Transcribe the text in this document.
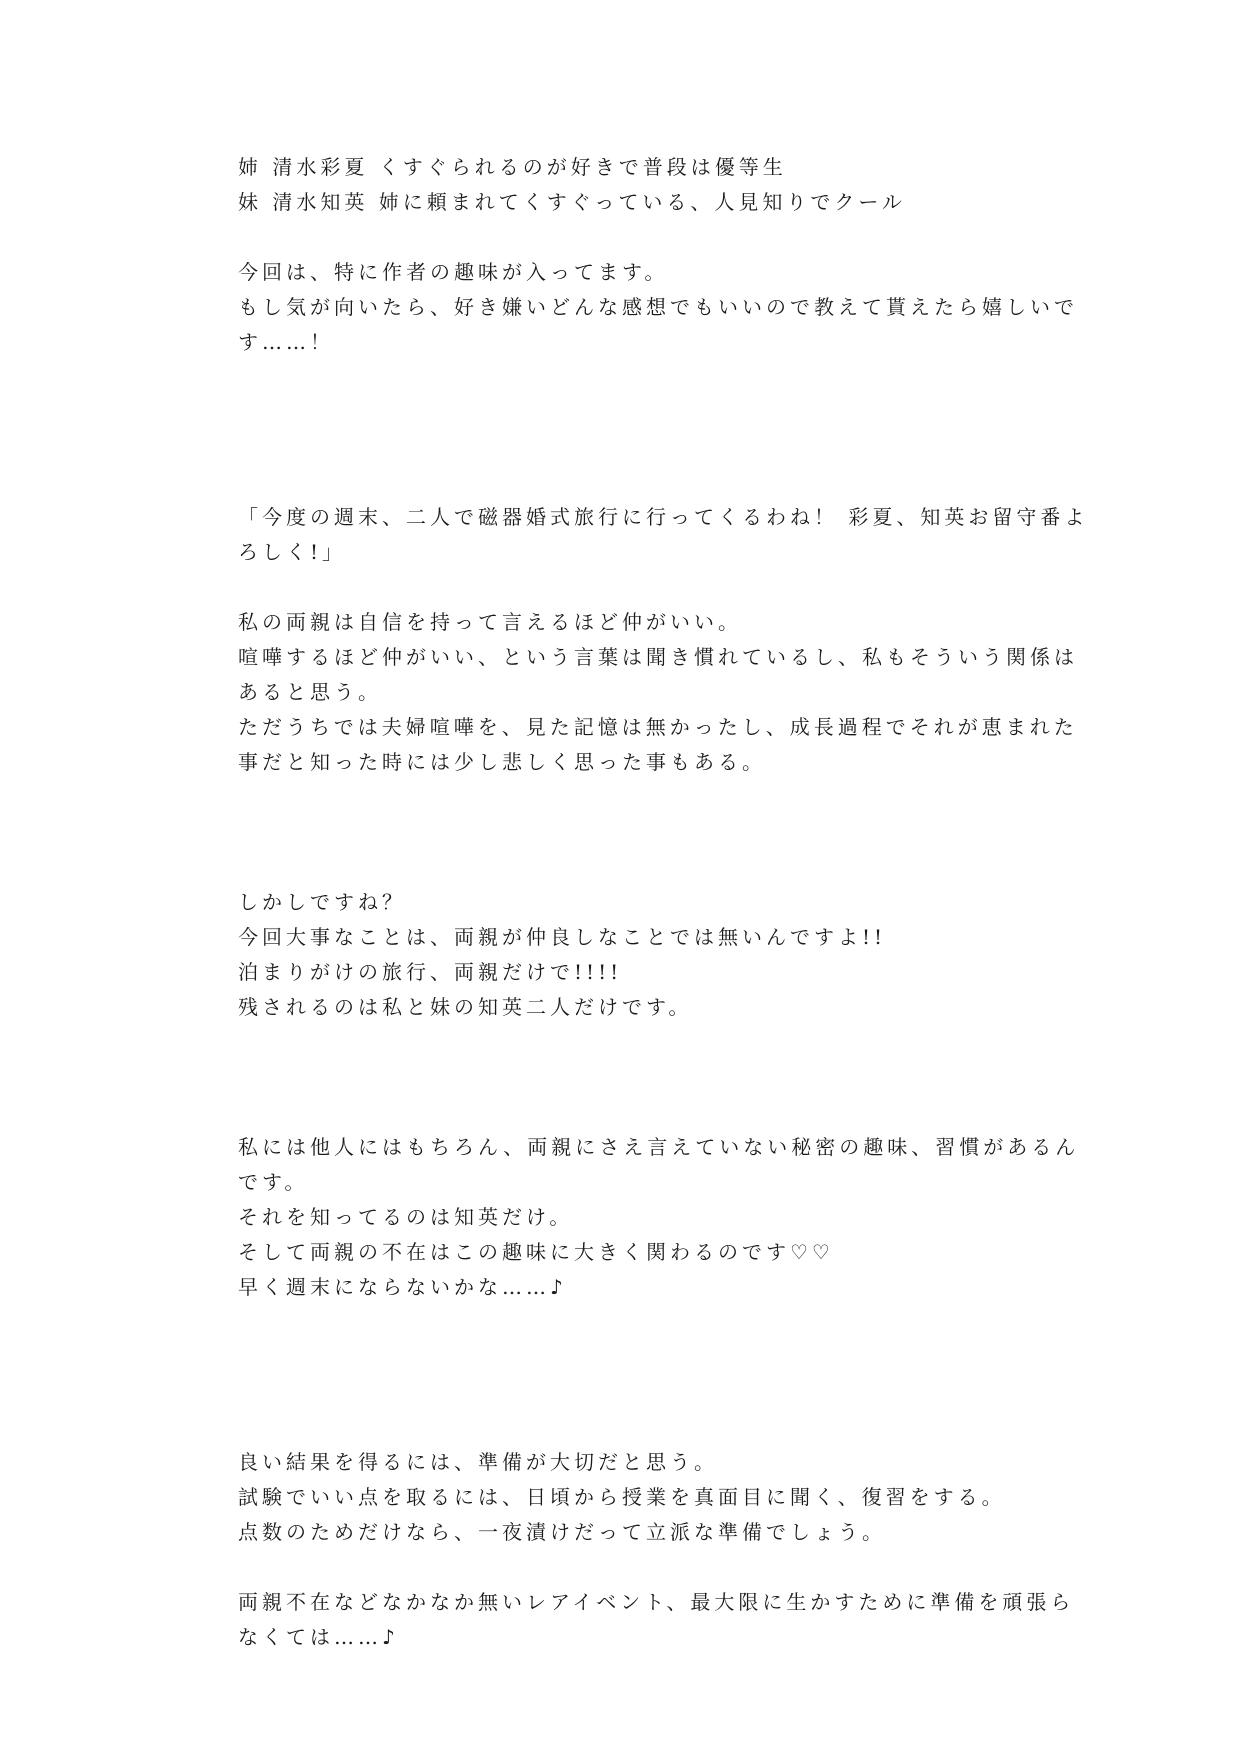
姉 清水彩夏 くすぐられるのが好きで普段は優等生
妹 清水知英 姉に頼まれてくすぐっている、人見知りでクール
今回は、特に作者の趣味が入ってます。
もし気が向いたら、好き嫌いどんな感想でもいいので教えて貰えたら嬉しいで
す……！
「今度の週末、二人で磁器婚式旅行に行ってくるわね！ 彩夏、知英お留守番よ
ろしく!」
私の両親は自信を持って言えるほど仲がいい。
喧嘩するほど仲がいい、という言葉は聞き慣れているし、私もそういう関係は
あると思う。
ただうちでは夫婦喧嘩を、見た記憶は無かったし、成長過程でそれが恵まれた
事だと知った時には少し悲しく思った事もある。
しかしですね？
今回大事なことは、両親が仲良しなことでは無いんですよ!!
泊まりがけの旅行、両親だけで!!!!
残されるのは私と妹の知英二人だけです。
私には他人にはもちろん、両親にさえ言えていない秘密の趣味、習慣があるん
です。
それを知ってるのは知英だけ。
そして両親の不在はこの趣味に大きく関わるのです♡♡
早く週末にならないかな……♪
良い結果を得るには、準備が大切だと思う。
試験でいい点を取るには、日頃から授業を真面目に聞く、復習をする。
点数のためだけなら、一夜漬けだって立派な準備でしょう。
両親不在などなかなか無いレアイベント、最大限に生かすために準備を頑張ら
なくては……♪
